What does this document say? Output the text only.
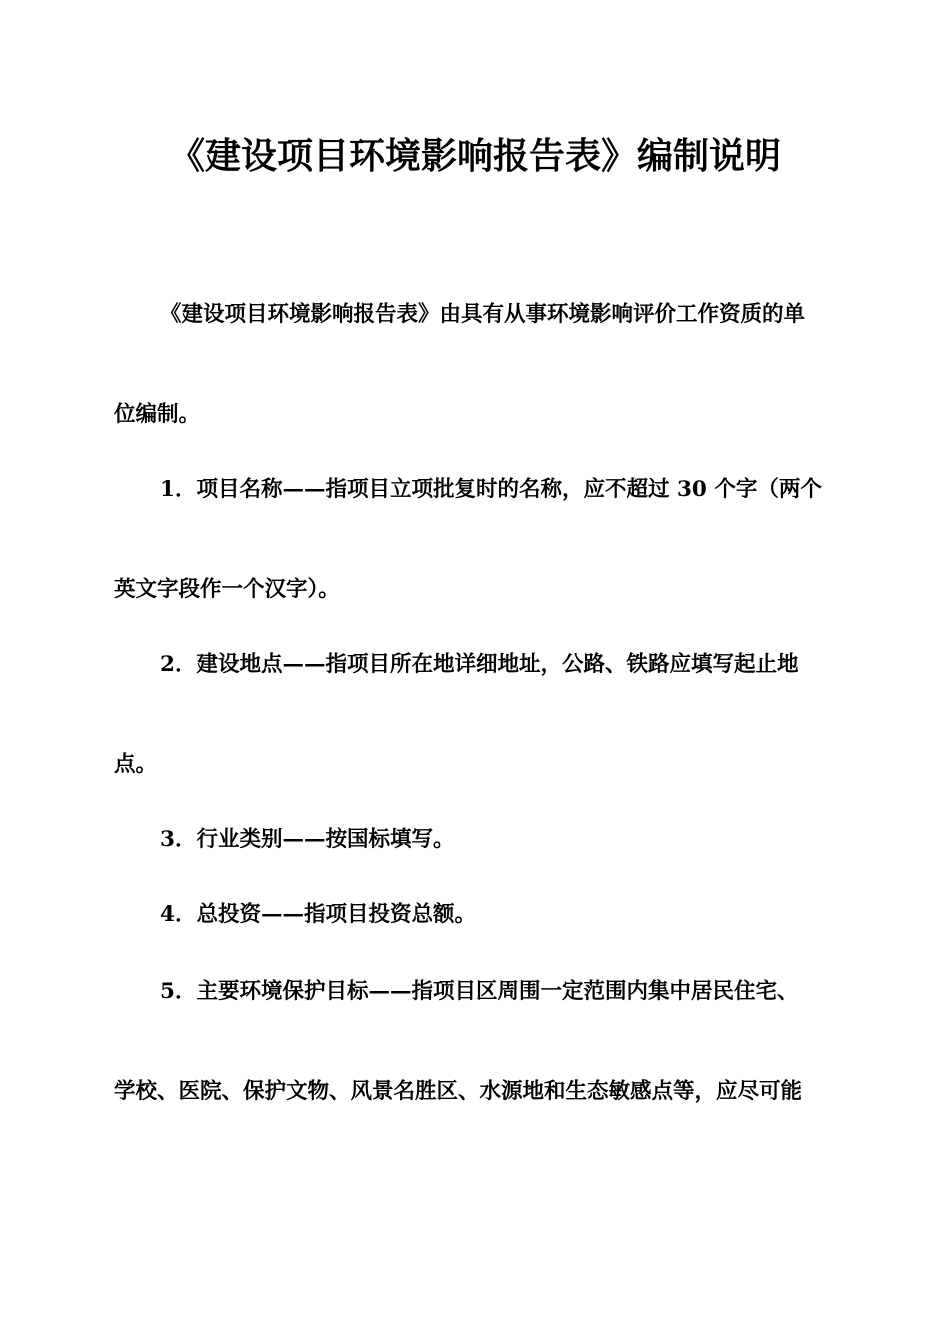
《建设项目环境影响报告表》编制说明
《建设项目环境影响报告表》由具有从事环境影响评价工作资质的单
位编制。
1．项目名称——指项目立项批复时的名称，应不超过 30 个字（两个
英文字段作一个汉字）。
2．建设地点——指项目所在地详细地址，公路、铁路应填写起止地
点。
3．行业类别——按国标填写。
4．总投资——指项目投资总额。
5．主要环境保护目标——指项目区周围一定范围内集中居民住宅、
学校、医院、保护文物、风景名胜区、水源地和生态敏感点等，应尽可能
